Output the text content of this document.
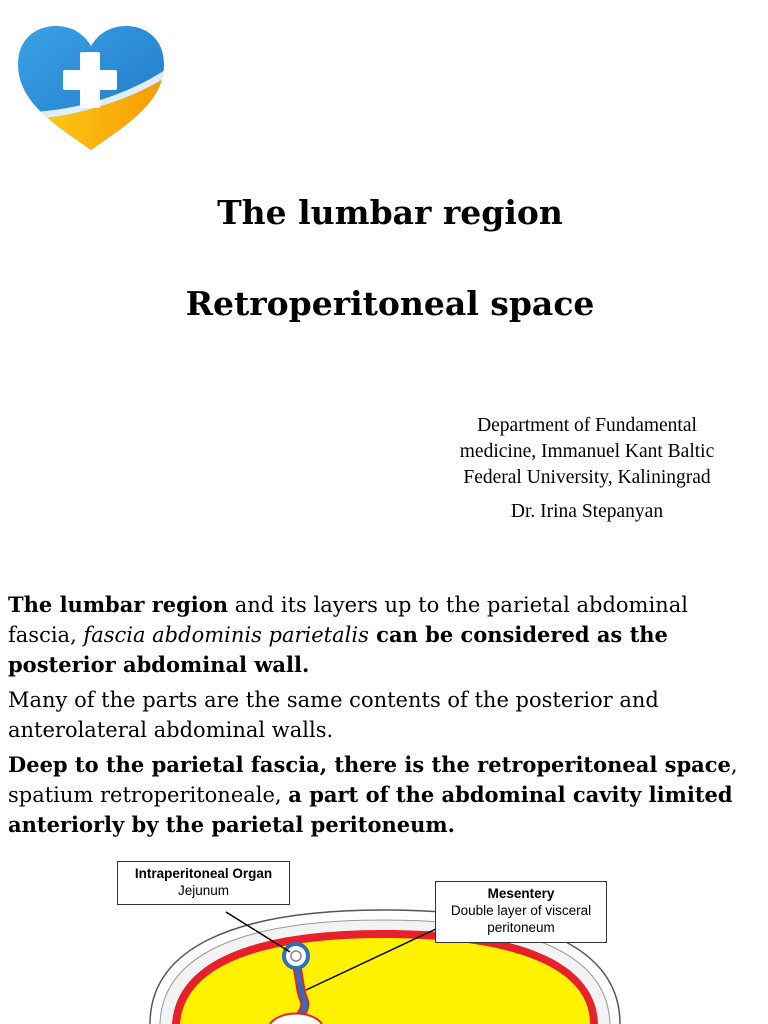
The lumbar region
Retroperitoneal space

Department of Fundamental medicine, Immanuel Kant Baltic Federal University, Kaliningrad

Dr. Irina Stepanyan

The lumbar region and its layers up to the parietal abdominal fascia, fascia abdominis parietalis can be considered as the posterior abdominal wall.

Many of the parts are the same contents of the posterior and anterolateral abdominal walls.

Deep to the parietal fascia, there is the retroperitoneal space, spatium retroperitoneale, a part of the abdominal cavity limited anteriorly by the parietal peritoneum.

Intraperitoneal Organ
Jejunum	Mesentery
Double layer of visceral peritoneum
